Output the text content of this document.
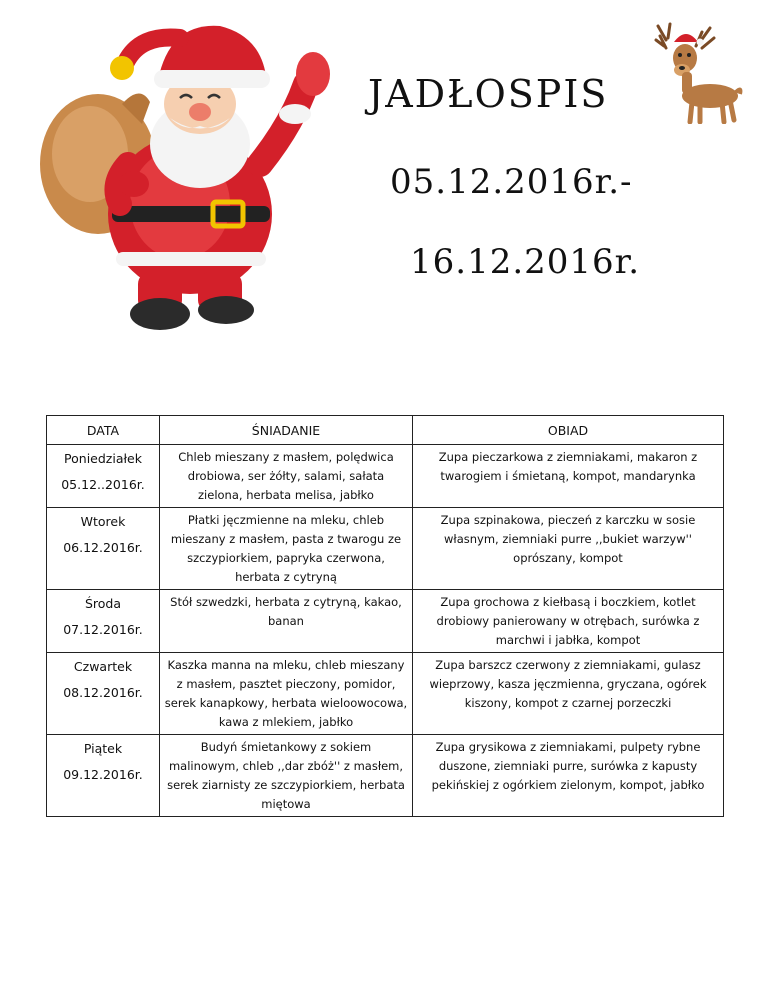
JADŁOSPIS
05.12.2016r.-
16.12.2016r.
DATA	ŚNIADANIE	OBIAD

Poniedziałek
05.12..2016r.	Chleb mieszany z masłem, polędwica drobiowa, ser żółty, salami, sałata zielona, herbata melisa, jabłko	Zupa pieczarkowa z ziemniakami, makaron z twarogiem i śmietaną, kompot, mandarynka

Wtorek
06.12.2016r.	Płatki jęczmienne na mleku, chleb mieszany z masłem, pasta z twarogu ze szczypiorkiem, papryka czerwona, herbata z cytryną	Zupa szpinakowa, pieczeń z karczku w sosie własnym, ziemniaki purre ,,bukiet warzyw'' oprószany, kompot

Środa
07.12.2016r.	Stół szwedzki, herbata z cytryną, kakao, banan	Zupa grochowa z kiełbasą i boczkiem, kotlet drobiowy panierowany w otrębach, surówka z marchwi i jabłka, kompot

Czwartek
08.12.2016r.	Kaszka manna na mleku, chleb mieszany z masłem, pasztet pieczony, pomidor, serek kanapkowy, herbata wieloowocowa, kawa z mlekiem, jabłko	Zupa barszcz czerwony z ziemniakami, gulasz wieprzowy, kasza jęczmienna, gryczana, ogórek kiszony, kompot z czarnej porzeczki

Piątek
09.12.2016r.	Budyń śmietankowy z sokiem malinowym, chleb ,,dar zbóż'' z masłem, serek ziarnisty ze szczypiorkiem, herbata miętowa	Zupa grysikowa z ziemniakami, pulpety rybne duszone, ziemniaki purre, surówka z kapusty pekińskiej z ogórkiem zielonym, kompot, jabłko
